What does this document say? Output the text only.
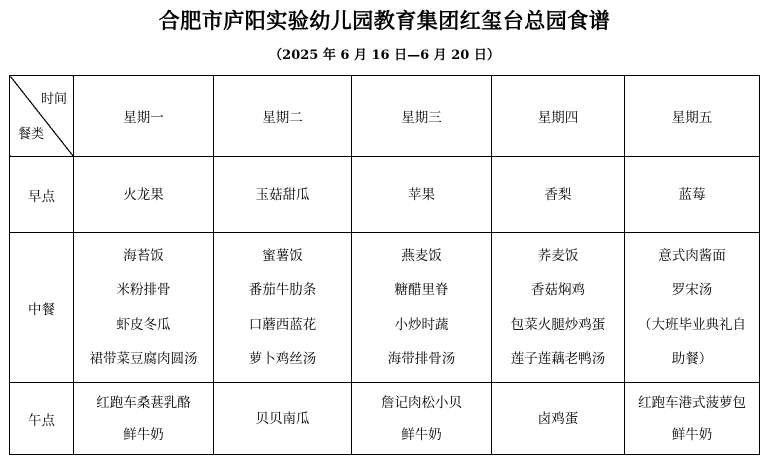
合肥市庐阳实验幼儿园教育集团红玺台总园食谱
（2025 年 6 月 16 日—6 月 20 日）
时间
餐类	星期一	星期二	星期三	星期四	星期五
早点	火龙果	玉菇甜瓜	苹果	香梨	蓝莓

中餐	海苔饭
米粉排骨
虾皮冬瓜
裙带菜豆腐肉圆汤	蜜薯饭
番茄牛肋条
口蘑西蓝花
萝卜鸡丝汤	燕麦饭
糖醋里脊
小炒时蔬
海带排骨汤	荞麦饭
香菇焖鸡
包菜火腿炒鸡蛋
莲子莲藕老鸭汤	意式肉酱面
罗宋汤
（大班毕业典礼自
助餐）

午点	红跑车桑葚乳酪
鲜牛奶	贝贝南瓜	詹记肉松小贝
鲜牛奶	卤鸡蛋	红跑车港式菠萝包
鲜牛奶
